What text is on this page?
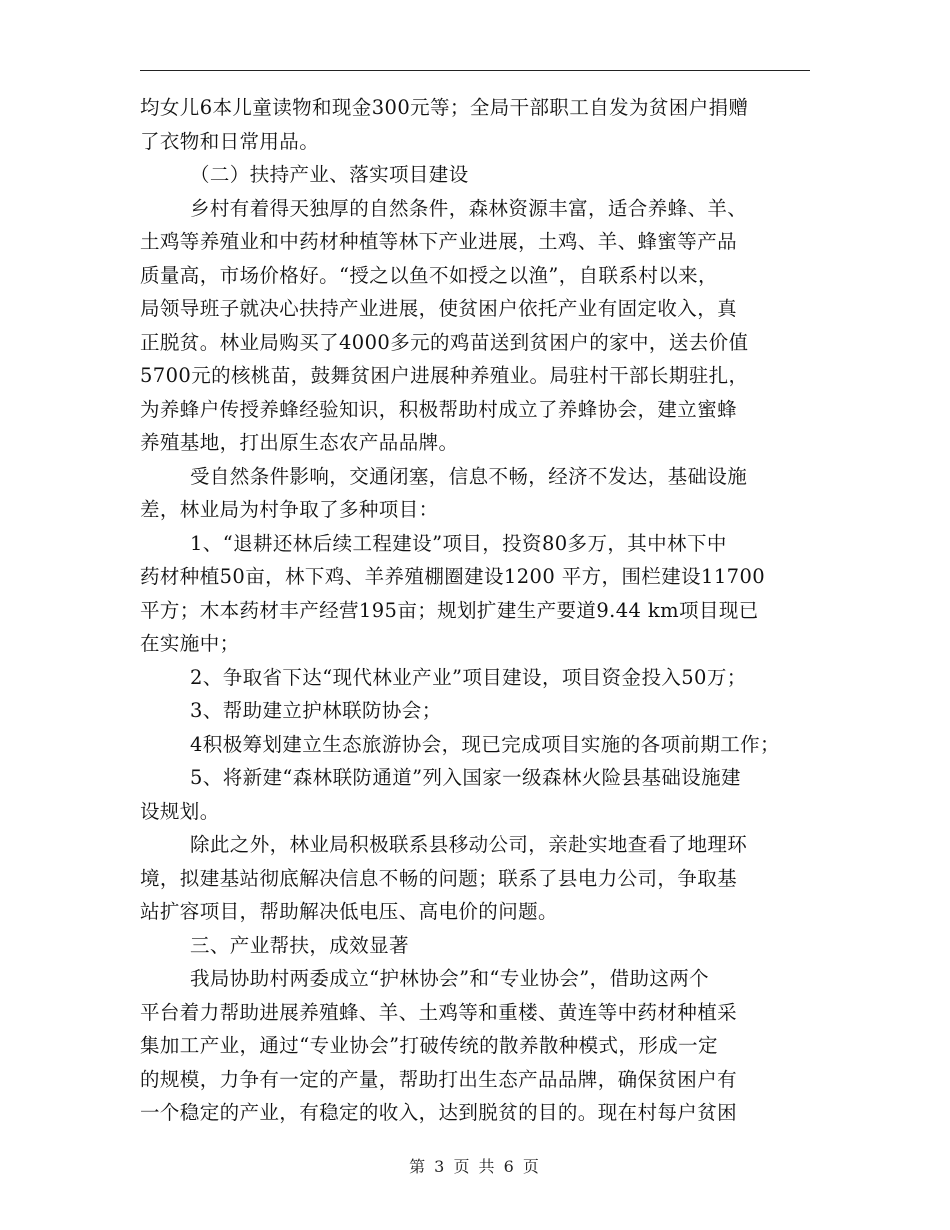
均女儿6本儿童读物和现金300元等；全局干部职工自发为贫困户捐赠
了衣物和日常用品。
（二）扶持产业、落实项目建设
乡村有着得天独厚的自然条件，森林资源丰富，适合养蜂、羊、
土鸡等养殖业和中药材种植等林下产业进展，土鸡、羊、蜂蜜等产品
质量高，市场价格好。“授之以鱼不如授之以渔”，自联系村以来，
局领导班子就决心扶持产业进展，使贫困户依托产业有固定收入，真
正脱贫。林业局购买了4000多元的鸡苗送到贫困户的家中，送去价值
5700元的核桃苗，鼓舞贫困户进展种养殖业。局驻村干部长期驻扎，
为养蜂户传授养蜂经验知识，积极帮助村成立了养蜂协会，建立蜜蜂
养殖基地，打出原生态农产品品牌。
受自然条件影响，交通闭塞，信息不畅，经济不发达，基础设施
差，林业局为村争取了多种项目：
1、“退耕还林后续工程建设”项目，投资80多万，其中林下中
药材种植50亩，林下鸡、羊养殖棚圈建设1200 平方，围栏建设11700
平方；木本药材丰产经营195亩；规划扩建生产要道9.44 km项目现已
在实施中；
2、争取省下达“现代林业产业”项目建设，项目资金投入50万；
3、帮助建立护林联防协会；
4积极筹划建立生态旅游协会，现已完成项目实施的各项前期工作；
5、将新建“森林联防通道”列入国家一级森林火险县基础设施建
设规划。
除此之外，林业局积极联系县移动公司，亲赴实地查看了地理环
境，拟建基站彻底解决信息不畅的问题；联系了县电力公司，争取基
站扩容项目，帮助解决低电压、高电价的问题。
三、产业帮扶，成效显著
我局协助村两委成立“护林协会”和“专业协会”，借助这两个
平台着力帮助进展养殖蜂、羊、土鸡等和重楼、黄连等中药材种植采
集加工产业，通过“专业协会”打破传统的散养散种模式，形成一定
的规模，力争有一定的产量，帮助打出生态产品品牌，确保贫困户有
一个稳定的产业，有稳定的收入，达到脱贫的目的。现在村每户贫困
第 3 页 共 6 页
